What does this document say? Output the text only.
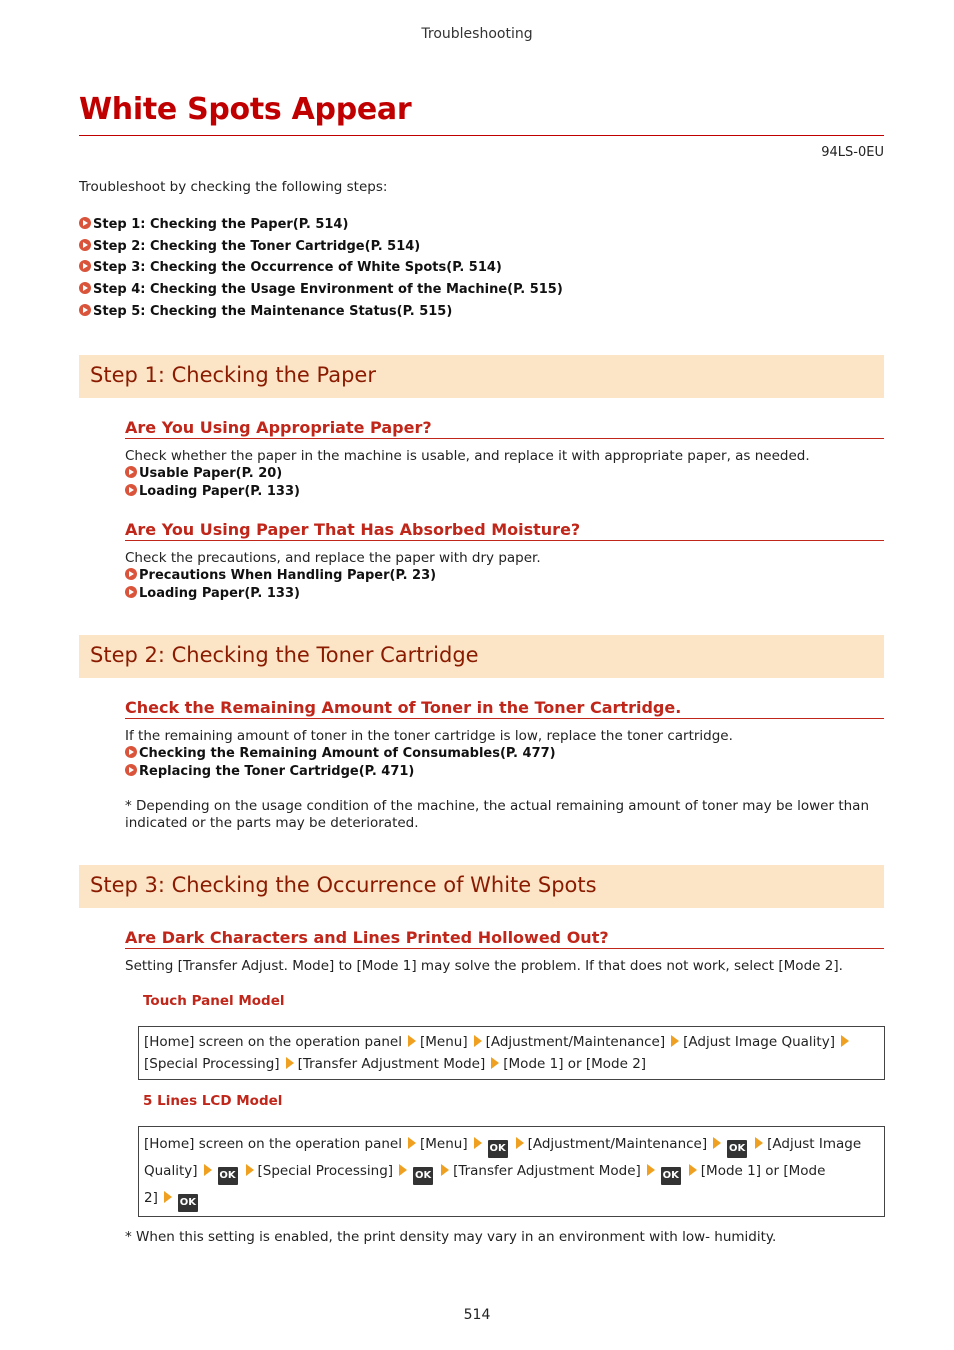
Troubleshooting
White Spots Appear
94LS-0EU
Troubleshoot by checking the following steps:
Step 1: Checking the Paper(P. 514)
Step 2: Checking the Toner Cartridge(P. 514)
Step 3: Checking the Occurrence of White Spots(P. 514)
Step 4: Checking the Usage Environment of the Machine(P. 515)
Step 5: Checking the Maintenance Status(P. 515)
Step 1: Checking the Paper
Are You Using Appropriate Paper?
Check whether the paper in the machine is usable, and replace it with appropriate paper, as needed.
Usable Paper(P. 20)
Loading Paper(P. 133)
Are You Using Paper That Has Absorbed Moisture?
Check the precautions, and replace the paper with dry paper.
Precautions When Handling Paper(P. 23)
Loading Paper(P. 133)
Step 2: Checking the Toner Cartridge
Check the Remaining Amount of Toner in the Toner Cartridge.
If the remaining amount of toner in the toner cartridge is low, replace the toner cartridge.
Checking the Remaining Amount of Consumables(P. 477)
Replacing the Toner Cartridge(P. 471)
* Depending on the usage condition of the machine, the actual remaining amount of toner may be lower than indicated or the parts may be deteriorated.
Step 3: Checking the Occurrence of White Spots
Are Dark Characters and Lines Printed Hollowed Out?
Setting [Transfer Adjust. Mode] to [Mode 1] may solve the problem. If that does not work, select [Mode 2].
Touch Panel Model
[Home] screen on the operation panel [Menu] [Adjustment/Maintenance] [Adjust Image Quality]
[Special Processing] [Transfer Adjustment Mode] [Mode 1] or [Mode 2]
5 Lines LCD Model
[Home] screen on the operation panel [Menu] OK [Adjustment/Maintenance] OK [Adjust Image
Quality] OK [Special Processing] OK [Transfer Adjustment Mode] OK [Mode 1] or [Mode
2] OK
* When this setting is enabled, the print density may vary in an environment with low- humidity.
514
